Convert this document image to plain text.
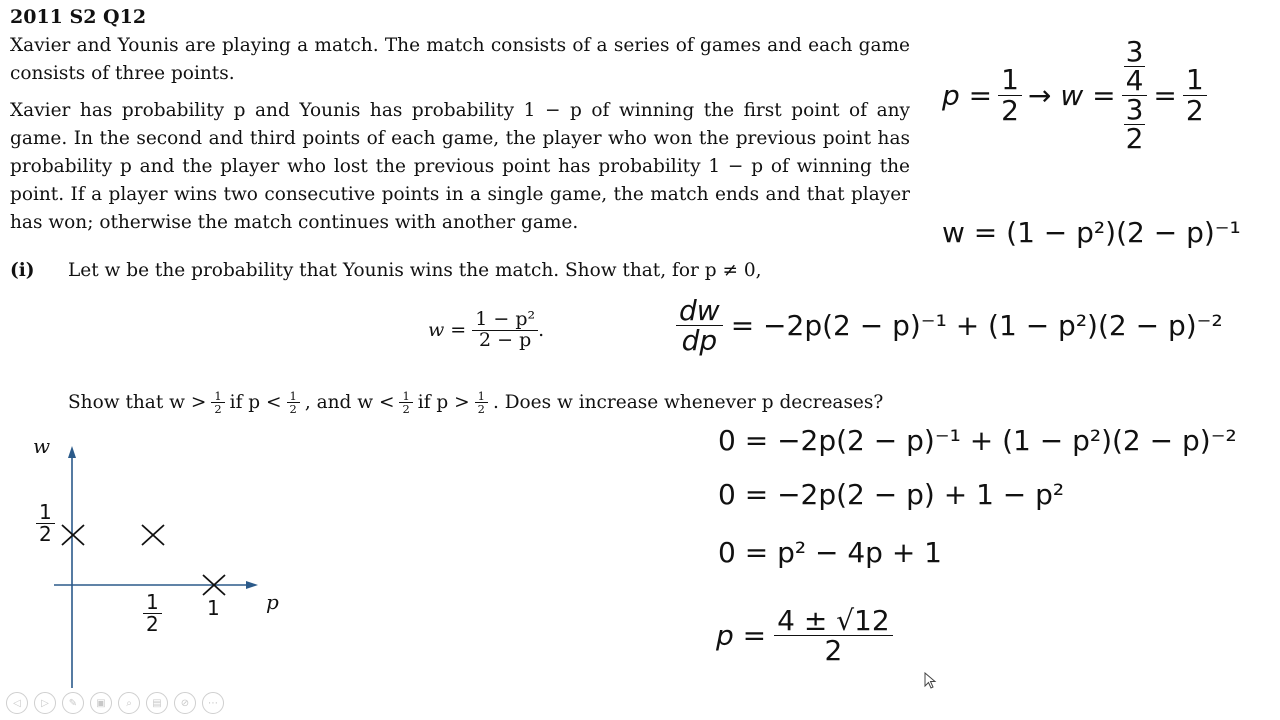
2011 S2 Q12
Xavier and Younis are playing a match. The match consists of a series of games and each game consists of three points.
Xavier has probability p and Younis has probability 1 − p of winning the first point of any game. In the second and third points of each game, the player who won the previous point has probability p and the player who lost the previous point has probability 1 − p of winning the point. If a player wins two consecutive points in a single game, the match ends and that player has won; otherwise the match continues with another game.
(i) Let w be the probability that Younis wins the match. Show that, for p ≠ 0,
$w = \frac{\text{1 − p²}}{2 - p}$ .
Show that $w > \frac{1}{2}$ if $p < \frac{1}{2}$ , and $w < \frac{1}{2}$ if $p > \frac{1}{2}$ . Does w increase whenever p decreases?
$p = \frac{1}{2} \to w = 3$
4
3
$2 = \frac{1}{2}$
w = (1 − p²)(2 − p)⁻¹
$\frac{dw}{dp} = -2p(2 - p)^{-1} + (1 - p^2)(2 - p)^{-2}$
0 = −2p(2 − p)⁻¹ + (1 − p²)(2 − p)⁻²
0 = −2p(2 − p) + 1 − p²
0 = p² − 4p + 1
$p = \frac{4 \pm √12}{2}$
w
p
$\frac{1}{2}$
$\frac{1}{2} 1$
◁	▷	✎	▣	⌕	▤	⊘	⋯
